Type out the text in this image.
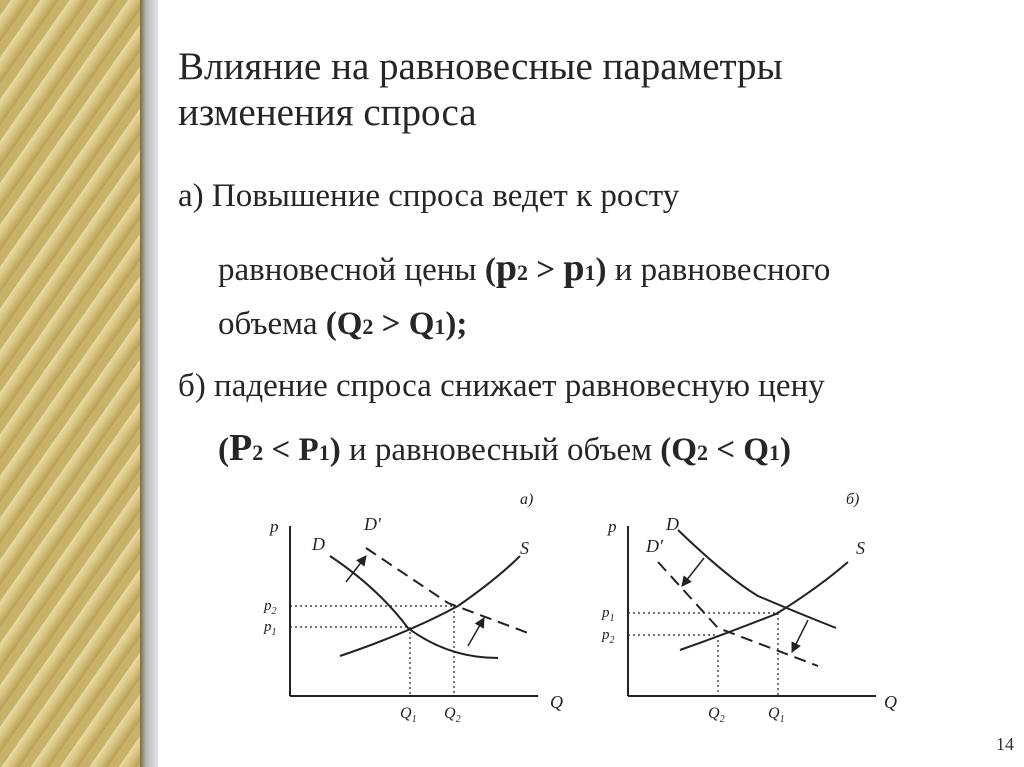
Влияние на равновесные параметры изменения спроса
а) Повышение спроса ведет к росту
равновесной цены (p2 > p1) и равновесного
объема (Q2 > Q1);
б) падение спроса снижает равновесную цену
(P2 < P1) и равновесный объем (Q2 < Q1)
а)
p
Q
D
D'
S
$p_2$
$p_1$
$Q_1$ $Q_2$
б)
p
Q
D
D'	S
$p_1$
$p_2$
$Q_2$	$Q_1$
14
